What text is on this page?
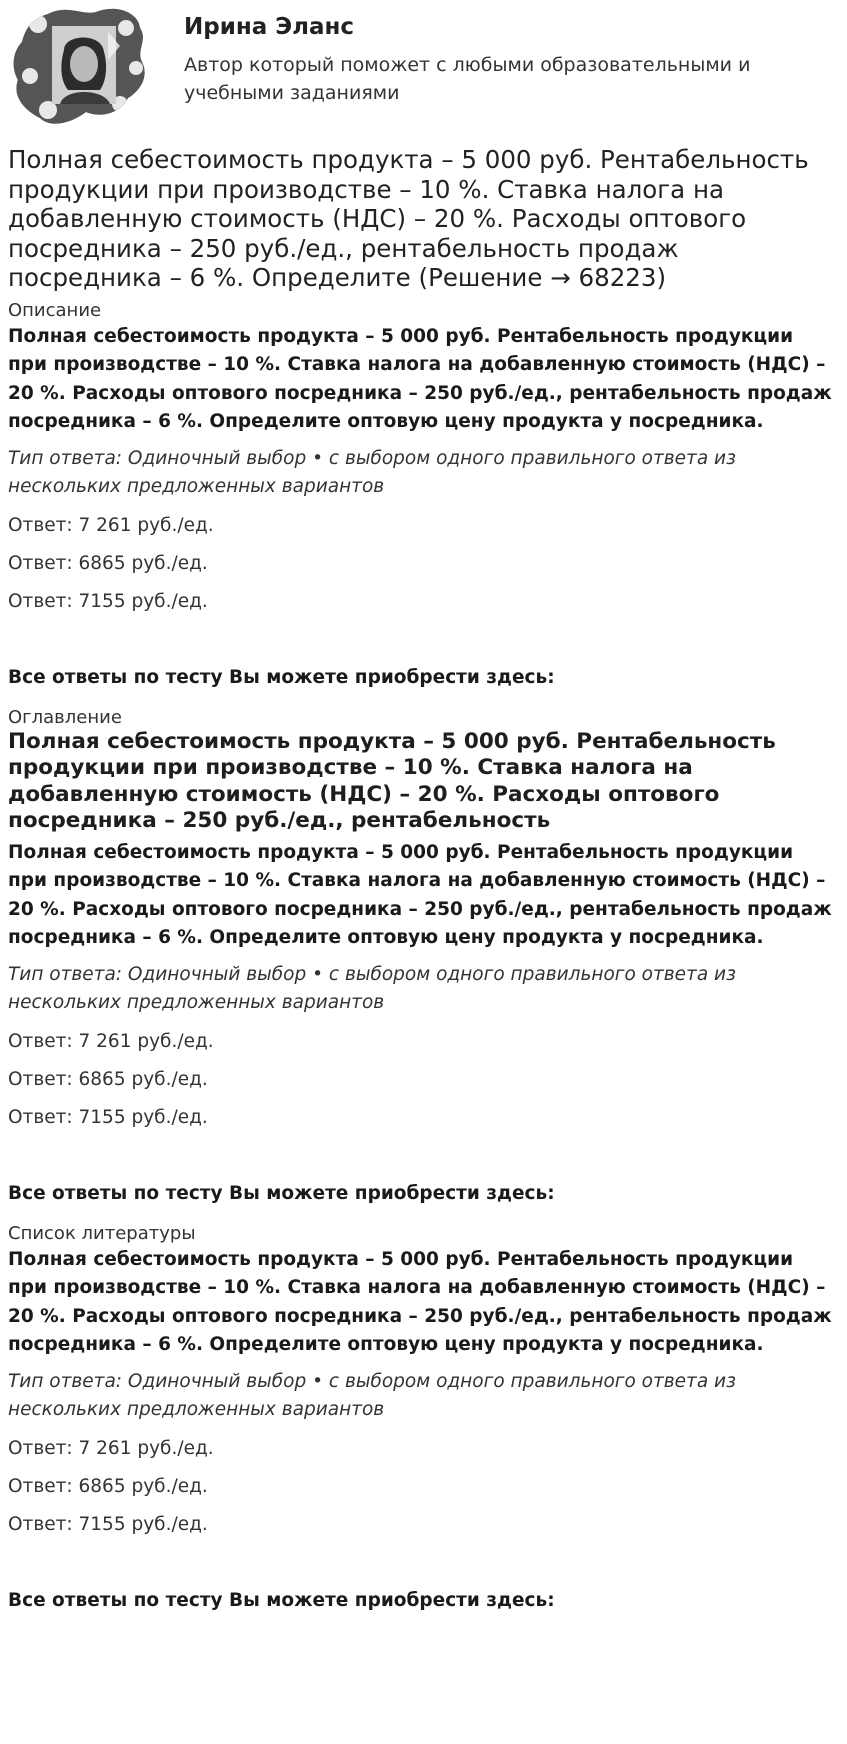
Ирина Эланс
Автор который поможет с любыми образовательными и учебными заданиями
Полная себестоимость продукта – 5 000 руб. Рентабельность продукции при производстве – 10 %. Ставка налога на добавленную стоимость (НДС) – 20 %. Расходы оптового посредника – 250 руб./ед., рентабельность продаж посредника – 6 %. Определите (Решение → 68223)
Описание
Полная себестоимость продукта – 5 000 руб. Рентабельность продукции при производстве – 10 %. Ставка налога на добавленную стоимость (НДС) – 20 %. Расходы оптового посредника – 250 руб./ед., рентабельность продаж посредника – 6 %. Определите оптовую цену продукта у посредника.
Тип ответа: Одиночный выбор • с выбором одного правильного ответа из нескольких предложенных вариантов
Ответ: 7 261 руб./ед.
Ответ: 6865 руб./ед.
Ответ: 7155 руб./ед.
Все ответы по тесту Вы можете приобрести здесь:
Оглавление
Полная себестоимость продукта – 5 000 руб. Рентабельность продукции при производстве – 10 %. Ставка налога на добавленную стоимость (НДС) – 20 %. Расходы оптового посредника – 250 руб./ед., рентабельность
Полная себестоимость продукта – 5 000 руб. Рентабельность продукции при производстве – 10 %. Ставка налога на добавленную стоимость (НДС) – 20 %. Расходы оптового посредника – 250 руб./ед., рентабельность продаж посредника – 6 %. Определите оптовую цену продукта у посредника.
Тип ответа: Одиночный выбор • с выбором одного правильного ответа из нескольких предложенных вариантов
Ответ: 7 261 руб./ед.
Ответ: 6865 руб./ед.
Ответ: 7155 руб./ед.
Все ответы по тесту Вы можете приобрести здесь:
Список литературы
Полная себестоимость продукта – 5 000 руб. Рентабельность продукции при производстве – 10 %. Ставка налога на добавленную стоимость (НДС) – 20 %. Расходы оптового посредника – 250 руб./ед., рентабельность продаж посредника – 6 %. Определите оптовую цену продукта у посредника.
Тип ответа: Одиночный выбор • с выбором одного правильного ответа из нескольких предложенных вариантов
Ответ: 7 261 руб./ед.
Ответ: 6865 руб./ед.
Ответ: 7155 руб./ед.
Все ответы по тесту Вы можете приобрести здесь:
